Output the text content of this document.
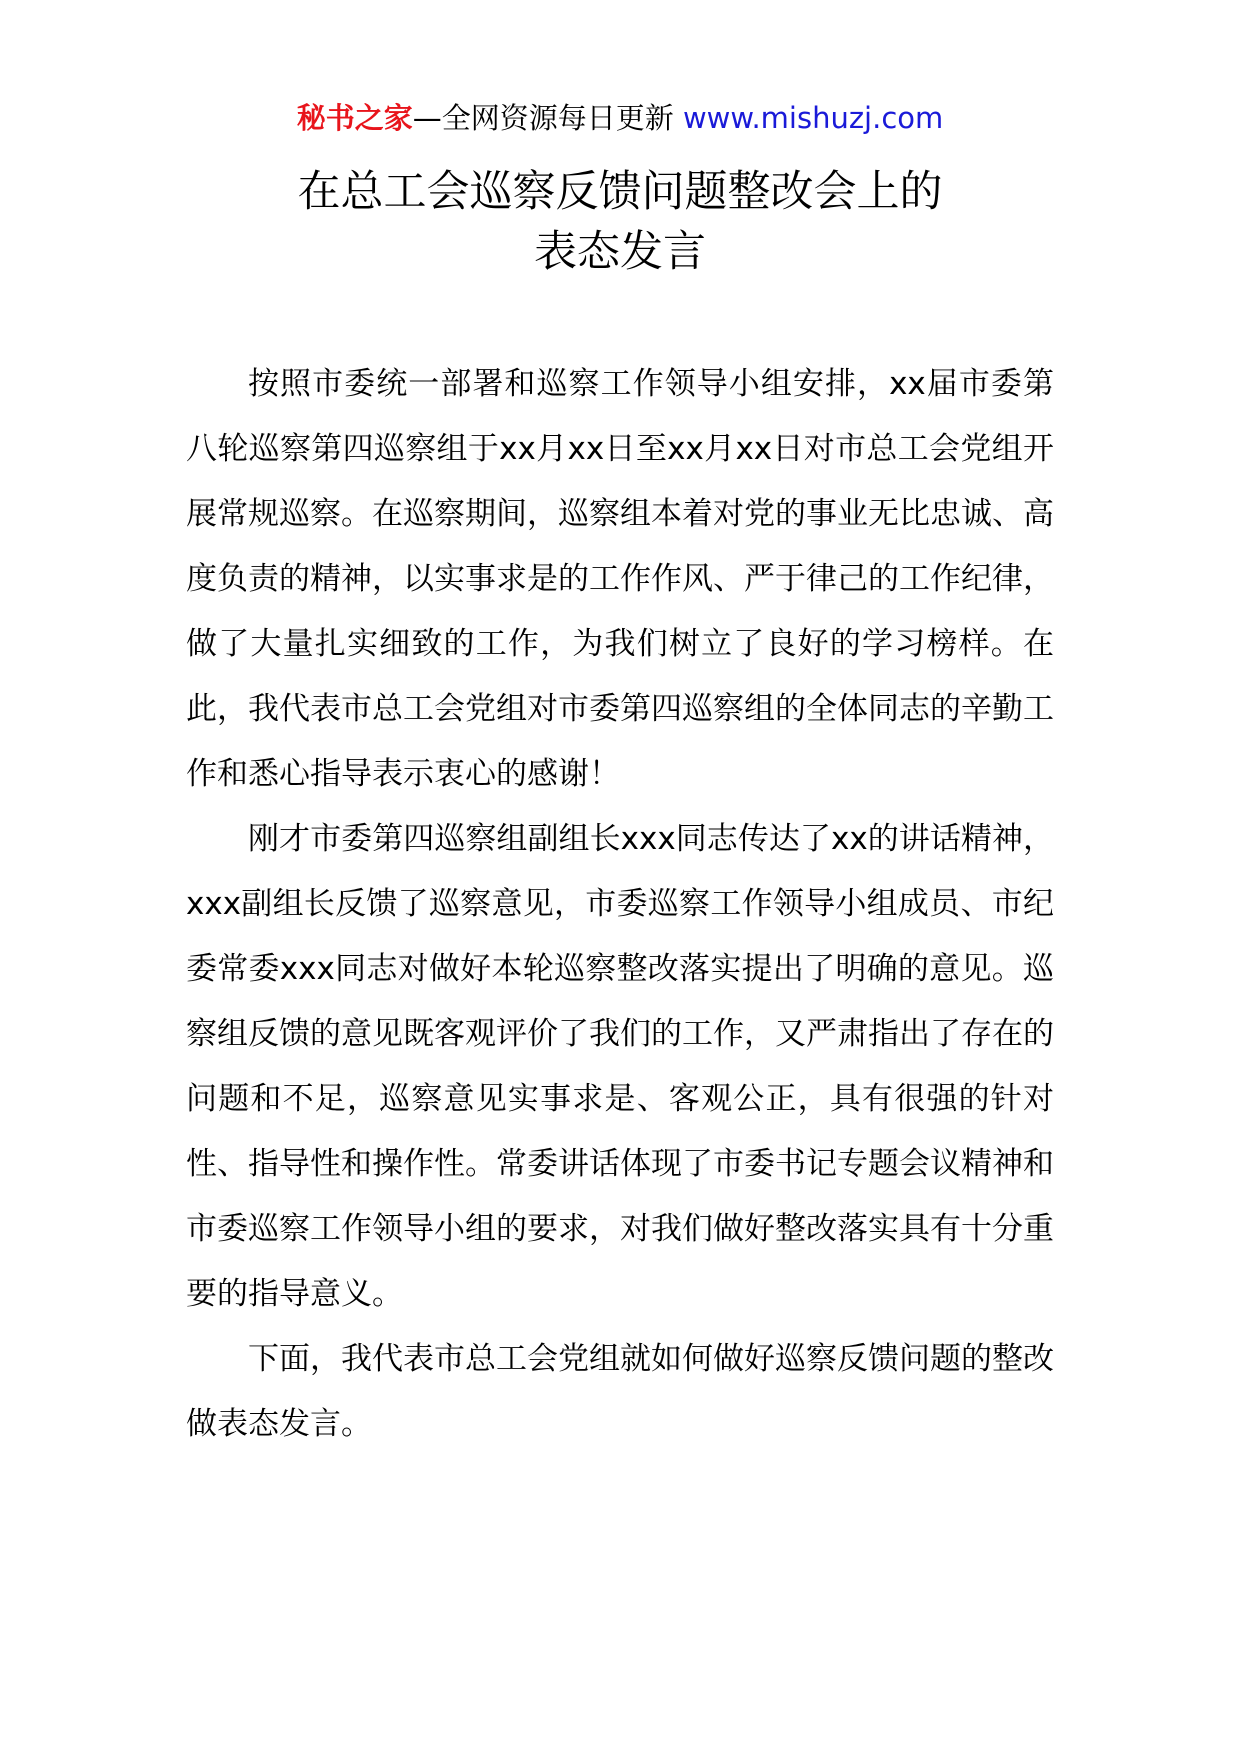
秘书之家—全网资源每日更新 www.mishuzj.com
在总工会巡察反馈问题整改会上的
表态发言

按照市委统一部署和巡察工作领导小组安排，xx届市委第八轮巡察第四巡察组于xx月xx日至xx月xx日对市总工会党组开展常规巡察。在巡察期间，巡察组本着对党的事业无比忠诚、高度负责的精神，以实事求是的工作作风、严于律己的工作纪律，做了大量扎实细致的工作，为我们树立了良好的学习榜样。在此，我代表市总工会党组对市委第四巡察组的全体同志的辛勤工作和悉心指导表示衷心的感谢！

刚才市委第四巡察组副组长xxx同志传达了xx的讲话精神，xxx副组长反馈了巡察意见，市委巡察工作领导小组成员、市纪委常委xxx同志对做好本轮巡察整改落实提出了明确的意见。巡察组反馈的意见既客观评价了我们的工作，又严肃指出了存在的问题和不足，巡察意见实事求是、客观公正，具有很强的针对性、指导性和操作性。常委讲话体现了市委书记专题会议精神和市委巡察工作领导小组的要求，对我们做好整改落实具有十分重要的指导意义。

下面，我代表市总工会党组就如何做好巡察反馈问题的整改做表态发言。
